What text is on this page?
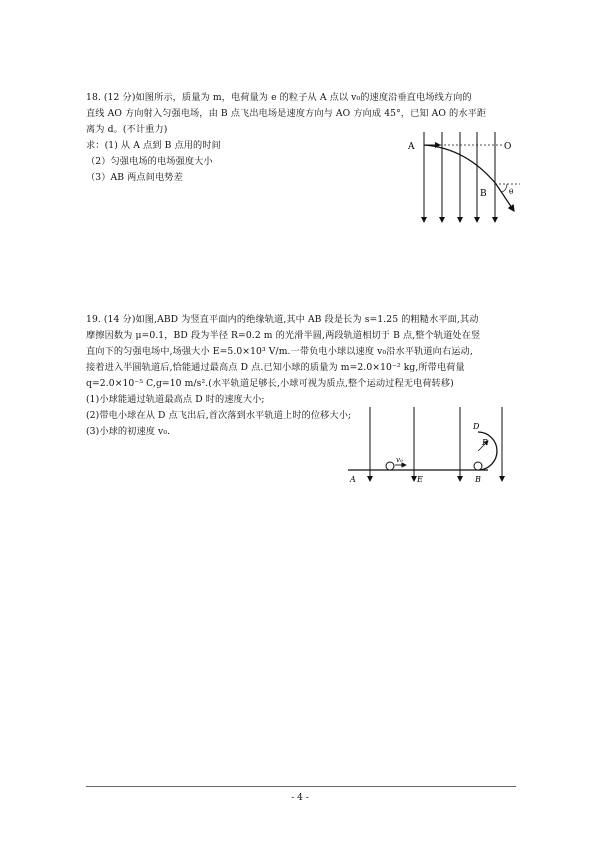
18. (12 分)如图所示，质量为 m，电荷量为 e 的粒子从 A 点以 v₀的速度沿垂直电场线方向的

直线 AO 方向射入匀强电场，由 B 点飞出电场是速度方向与 AO 方向成 45°，已知 AO 的水平距

离为 d。(不计重力)

求：(1) 从 A 点到 B 点用的时间

（2）匀强电场的电场强度大小

（3）AB 两点间电势差

A	O
B	θ

19. (14 分)如图,ABD 为竖直平面内的绝缘轨道,其中 AB 段是长为 s=1.25 的粗糙水平面,其动

摩擦因数为 μ=0.1，BD 段为半径 R=0.2 m 的光滑半圆,两段轨道相切于 B 点,整个轨道处在竖

直向下的匀强电场中,场强大小 E=5.0×10³ V/m.一带负电小球以速度 v₀沿水平轨道向右运动,

接着进入半圆轨道后,恰能通过最高点 D 点.已知小球的质量为 m=2.0×10⁻² kg,所带电荷量

q=2.0×10⁻⁵ C,g=10 m/s².(水平轨道足够长,小球可视为质点,整个运动过程无电荷转移)

(1)小球能通过轨道最高点 D 时的速度大小;

(2)带电小球在从 D 点飞出后,首次落到水平轨道上时的位移大小;

(3)小球的初速度 v₀.

v₀
A	E	B
D
R
- 4 -
